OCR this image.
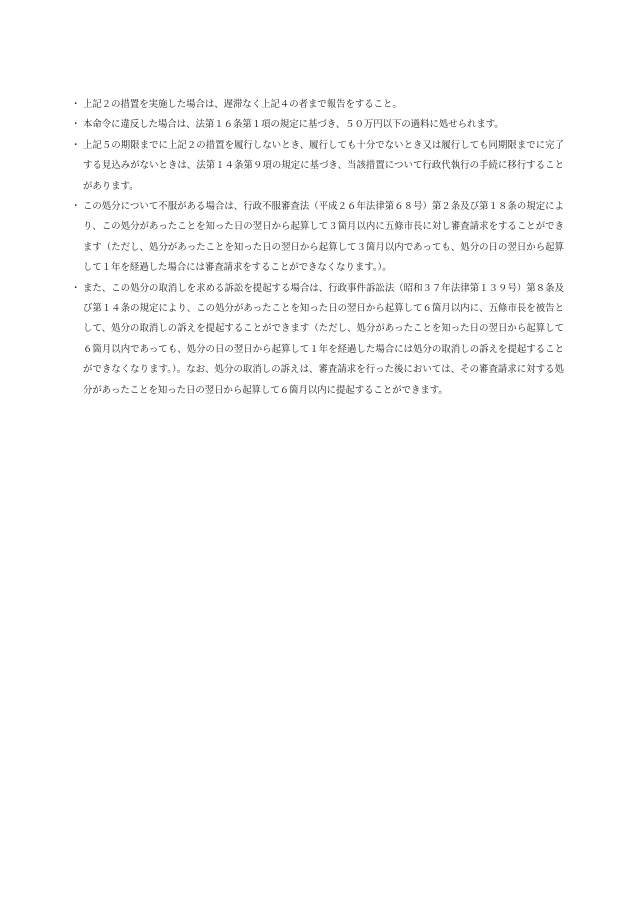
・ 上記２の措置を実施した場合は、遅滞なく上記４の者まで報告をすること。
・ 本命令に違反した場合は、法第１６条第１項の規定に基づき、５０万円以下の過料に処せられます。
・ 上記５の期限までに上記２の措置を履行しないとき、履行しても十分でないとき又は履行しても同期限までに完了する見込みがないときは、法第１４条第９項の規定に基づき、当該措置について行政代執行の手続に移行することがあります。
・ この処分について不服がある場合は、行政不服審査法（平成２６年法律第６８号）第２条及び第１８条の規定により、この処分があったことを知った日の翌日から起算して３箇月以内に五條市長に対し審査請求をすることができます（ただし、処分があったことを知った日の翌日から起算して３箇月以内であっても、処分の日の翌日から起算して１年を経過した場合には審査請求をすることができなくなります。）。
・ また、この処分の取消しを求める訴訟を提起する場合は、行政事件訴訟法（昭和３７年法律第１３９号）第８条及び第１４条の規定により、この処分があったことを知った日の翌日から起算して６箇月以内に、五條市長を被告として、処分の取消しの訴えを提起することができます（ただし、処分があったことを知った日の翌日から起算して６箇月以内であっても、処分の日の翌日から起算して１年を経過した場合には処分の取消しの訴えを提起することができなくなります。）。なお、処分の取消しの訴えは、審査請求を行った後においては、その審査請求に対する処分があったことを知った日の翌日から起算して６箇月以内に提起することができます。
